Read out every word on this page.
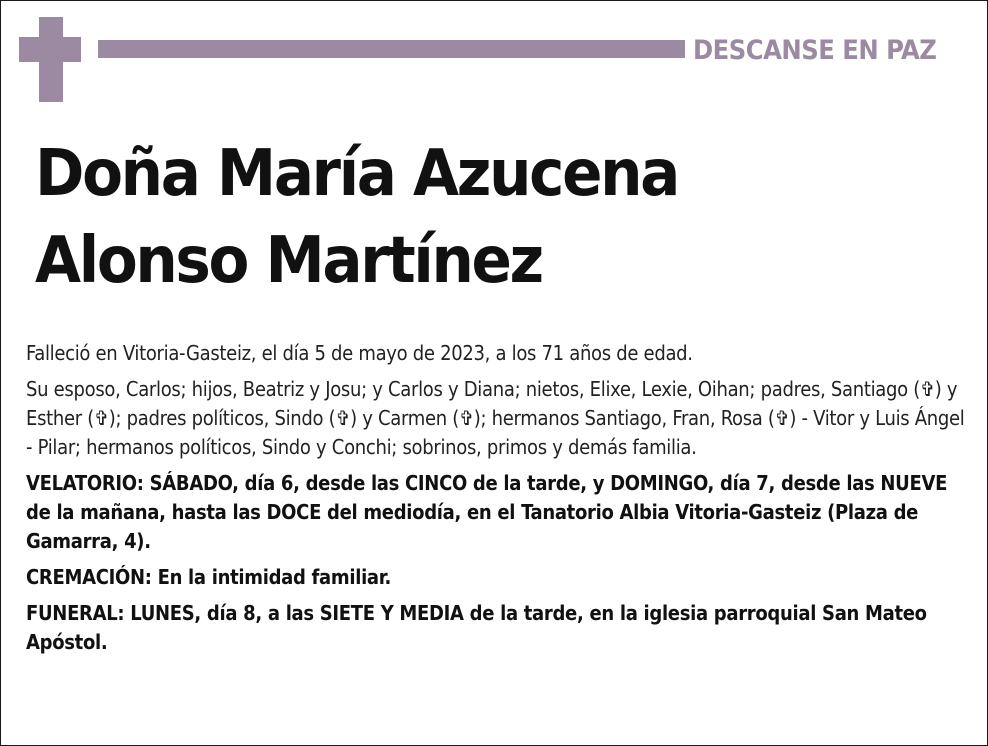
DESCANSE EN PAZ
Doña María Azucena
Alonso Martínez

Falleció en Vitoria-Gasteiz, el día 5 de mayo de 2023, a los 71 años de edad.

Su esposo, Carlos; hijos, Beatriz y Josu; y Carlos y Diana; nietos, Elixe, Lexie, Oihan; padres, Santiago (✞) y Esther (✞); padres políticos, Sindo (✞) y Carmen (✞); hermanos Santiago, Fran, Rosa (✞) - Vitor y Luis Ángel - Pilar; hermanos políticos, Sindo y Conchi; sobrinos, primos y demás familia.

VELATORIO: SÁBADO, día 6, desde las CINCO de la tarde, y DOMINGO, día 7, desde las NUEVE de la mañana, hasta las DOCE del mediodía, en el Tanatorio Albia Vitoria-Gasteiz (Plaza de Gamarra, 4).

CREMACIÓN: En la intimidad familiar.

FUNERAL: LUNES, día 8, a las SIETE Y MEDIA de la tarde, en la iglesia parroquial San Mateo Apóstol.
